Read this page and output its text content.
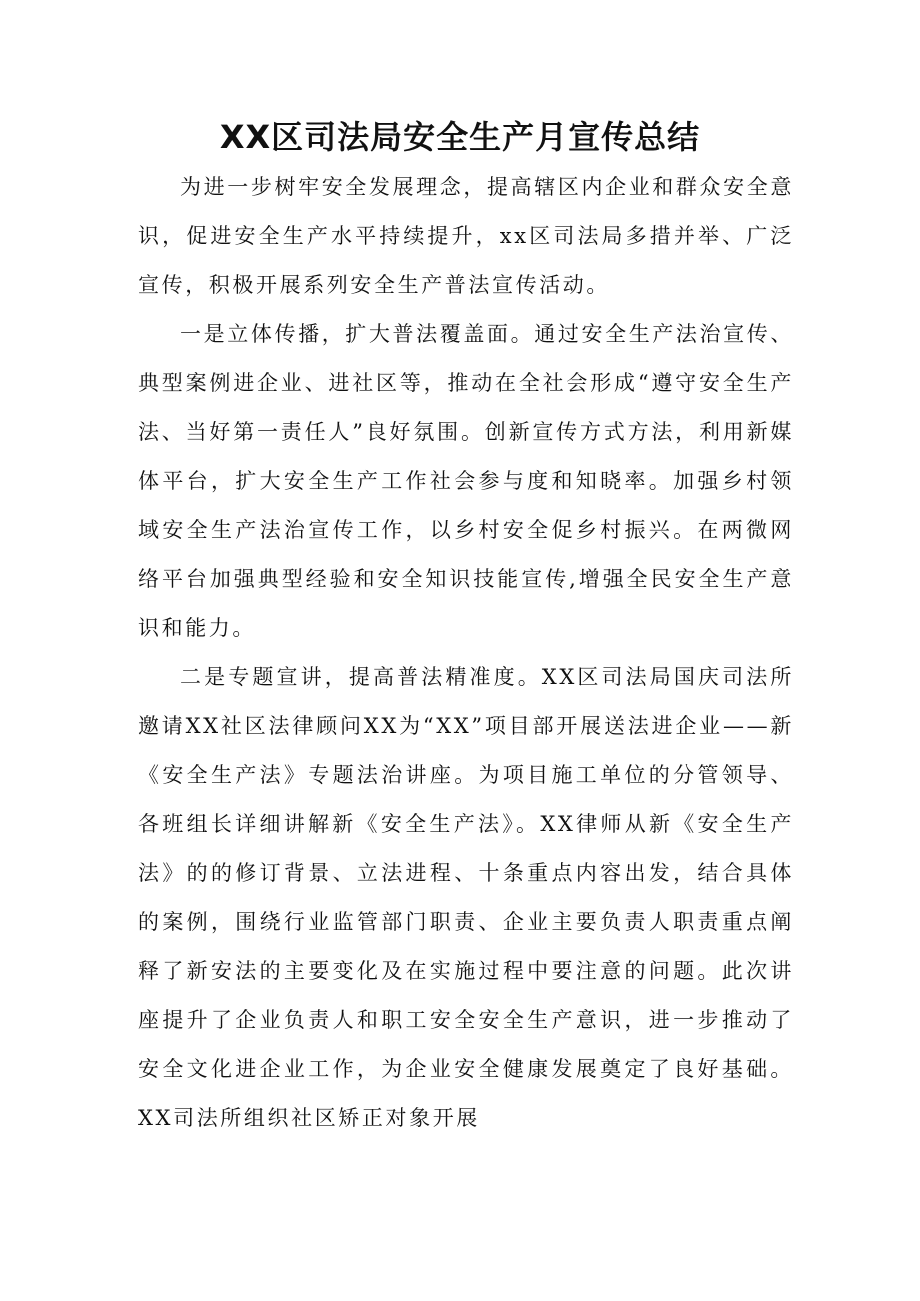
XX区司法局安全生产月宣传总结

为进一步树牢安全发展理念，提高辖区内企业和群众安全意识，促进安全生产水平持续提升，xx区司法局多措并举、广泛宣传，积极开展系列安全生产普法宣传活动。

一是立体传播，扩大普法覆盖面。通过安全生产法治宣传、典型案例进企业、进社区等，推动在全社会形成“遵守安全生产法、当好第一责任人”良好氛围。创新宣传方式方法，利用新媒体平台，扩大安全生产工作社会参与度和知晓率。加强乡村领域安全生产法治宣传工作，以乡村安全促乡村振兴。在两微网络平台加强典型经验和安全知识技能宣传,增强全民安全生产意识和能力。

二是专题宣讲，提高普法精准度。XX区司法局国庆司法所邀请XX社区法律顾问XX为“XX”项目部开展送法进企业——新《安全生产法》专题法治讲座。为项目施工单位的分管领导、各班组长详细讲解新《安全生产法》。XX律师从新《安全生产法》的的修订背景、立法进程、十条重点内容出发，结合具体的案例，围绕行业监管部门职责、企业主要负责人职责重点阐释了新安法的主要变化及在实施过程中要注意的问题。此次讲座提升了企业负责人和职工安全安全生产意识，进一步推动了安全文化进企业工作，为企业安全健康发展奠定了良好基础。XX司法所组织社区矫正对象开展
